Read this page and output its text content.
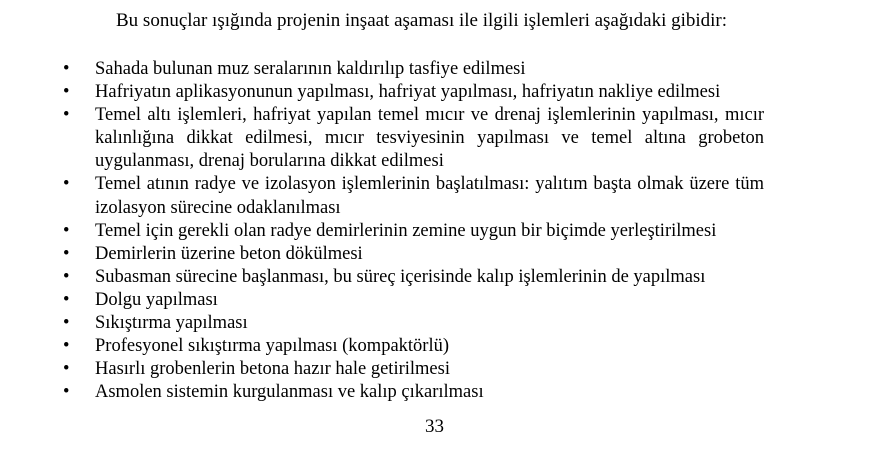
Bu sonuçlar ışığında projenin inşaat aşaması ile ilgili işlemleri aşağıdaki gibidir:

• Sahada bulunan muz seralarının kaldırılıp tasfiye edilmesi
• Hafriyatın aplikasyonunun yapılması, hafriyat yapılması, hafriyatın nakliye edilmesi
• Temel altı işlemleri, hafriyat yapılan temel mıcır ve drenaj işlemlerinin yapılması, mıcır kalınlığına dikkat edilmesi, mıcır tesviyesinin yapılması ve temel altına grobeton uygulanması, drenaj borularına dikkat edilmesi
• Temel atının radye ve izolasyon işlemlerinin başlatılması: yalıtım başta olmak üzere tüm izolasyon sürecine odaklanılması
• Temel için gerekli olan radye demirlerinin zemine uygun bir biçimde yerleştirilmesi
• Demirlerin üzerine beton dökülmesi
• Subasman sürecine başlanması, bu süreç içerisinde kalıp işlemlerinin de yapılması
• Dolgu yapılması
• Sıkıştırma yapılması
• Profesyonel sıkıştırma yapılması (kompaktörlü)
• Hasırlı grobenlerin betona hazır hale getirilmesi
• Asmolen sistemin kurgulanması ve kalıp çıkarılması

33
